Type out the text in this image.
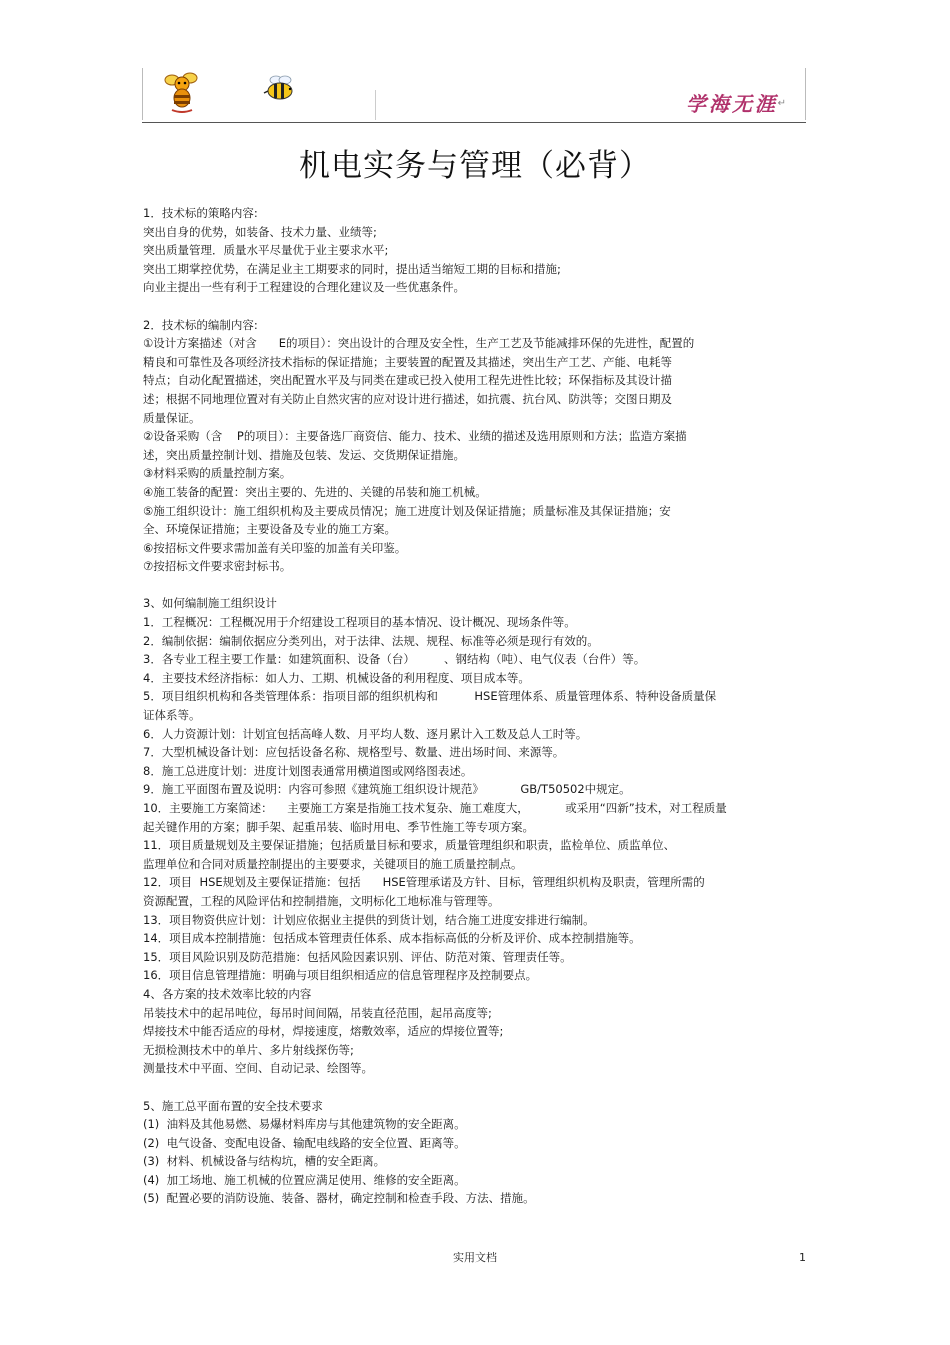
学海无涯 ↵
机电实务与管理（必背）
1．技术标的策略内容:
突出自身的优势，如装备、技术力量、业绩等;
突出质量管理．质量水平尽量优于业主要求水平;
突出工期掌控优势，在满足业主工期要求的同时，提出适当缩短工期的目标和措施;
向业主提出一些有利于工程建设的合理化建议及一些优惠条件。
2．技术标的编制内容:
①设计方案描述（对含      E的项目）：突出设计的合理及安全性，生产工艺及节能减排环保的先进性，配置的
精良和可靠性及各项经济技术指标的保证措施；主要装置的配置及其描述，突出生产工艺、产能、电耗等
特点；自动化配置描述，突出配置水平及与同类在建或已投入使用工程先进性比较；环保指标及其设计描
述；根据不同地理位置对有关防止自然灾害的应对设计进行描述，如抗震、抗台风、防洪等；交图日期及
质量保证。
②设备采购（含    P的项目）：主要备选厂商资信、能力、技术、业绩的描述及选用原则和方法；监造方案描
述，突出质量控制计划、措施及包装、发运、交货期保证措施。
③材料采购的质量控制方案。
④施工装备的配置：突出主要的、先进的、关键的吊装和施工机械。
⑤施工组织设计：施工组织机构及主要成员情况；施工进度计划及保证措施；质量标准及其保证措施；安
全、环境保证措施；主要设备及专业的施工方案。
⑥按招标文件要求需加盖有关印鉴的加盖有关印鉴。
⑦按招标文件要求密封标书。
3、如何编制施工组织设计
1．工程概况：工程概况用于介绍建设工程项目的基本情况、设计概况、现场条件等。
2．编制依据：编制依据应分类列出，对于法律、法规、规程、标准等必须是现行有效的。
3．各专业工程主要工作量：如建筑面积、设备（台）        、钢结构（吨）、电气仪表（台件）等。
4．主要技术经济指标：如人力、工期、机械设备的利用程度、项目成本等。
5．项目组织机构和各类管理体系：指项目部的组织机构和          HSE管理体系、质量管理体系、特种设备质量保
证体系等。
6．人力资源计划：计划宜包括高峰人数、月平均人数、逐月累计入工数及总人工时等。
7．大型机械设备计划：应包括设备名称、规格型号、数量、进出场时间、来源等。
8．施工总进度计划：进度计划图表通常用横道图或网络图表述。
9．施工平面图布置及说明：内容可参照《建筑施工组织设计规范》          GB/T50502中规定。
10．主要施工方案简述：    主要施工方案是指施工技术复杂、施工难度大，          或采用“四新”技术，对工程质量
起关键作用的方案；脚手架、起重吊装、临时用电、季节性施工等专项方案。
11．项目质量规划及主要保证措施；包括质量目标和要求，质量管理组织和职责，监检单位、质监单位、
监理单位和合同对质量控制提出的主要要求，关键项目的施工质量控制点。
12．项目  HSE规划及主要保证措施：包括      HSE管理承诺及方针、目标，管理组织机构及职责，管理所需的
资源配置，工程的风险评估和控制措施，文明标化工地标准与管理等。
13．项目物资供应计划：计划应依据业主提供的到货计划，结合施工进度安排进行编制。
14．项目成本控制措施：包括成本管理责任体系、成本指标高低的分析及评价、成本控制措施等。
15．项目风险识别及防范措施：包括风险因素识别、评估、防范对策、管理责任等。
16．项目信息管理措施：明确与项目组织相适应的信息管理程序及控制要点。
4、各方案的技术效率比较的内容
吊装技术中的起吊吨位，每吊时间间隔，吊装直径范围，起吊高度等;
焊接技术中能否适应的母材，焊接速度，熔敷效率，适应的焊接位置等;
无损检测技术中的单片、多片射线探伤等;
测量技术中平面、空间、自动记录、绘图等。
5、施工总平面布置的安全技术要求
(1)  油料及其他易燃、易爆材料库房与其他建筑物的安全距离。
(2)  电气设备、变配电设备、输配电线路的安全位置、距离等。
(3)  材料、机械设备与结构坑，槽的安全距离。
(4)  加工场地、施工机械的位置应满足使用、维修的安全距离。
(5)  配置必要的消防设施、装备、器材，确定控制和检查手段、方法、措施。
实用文档	1
